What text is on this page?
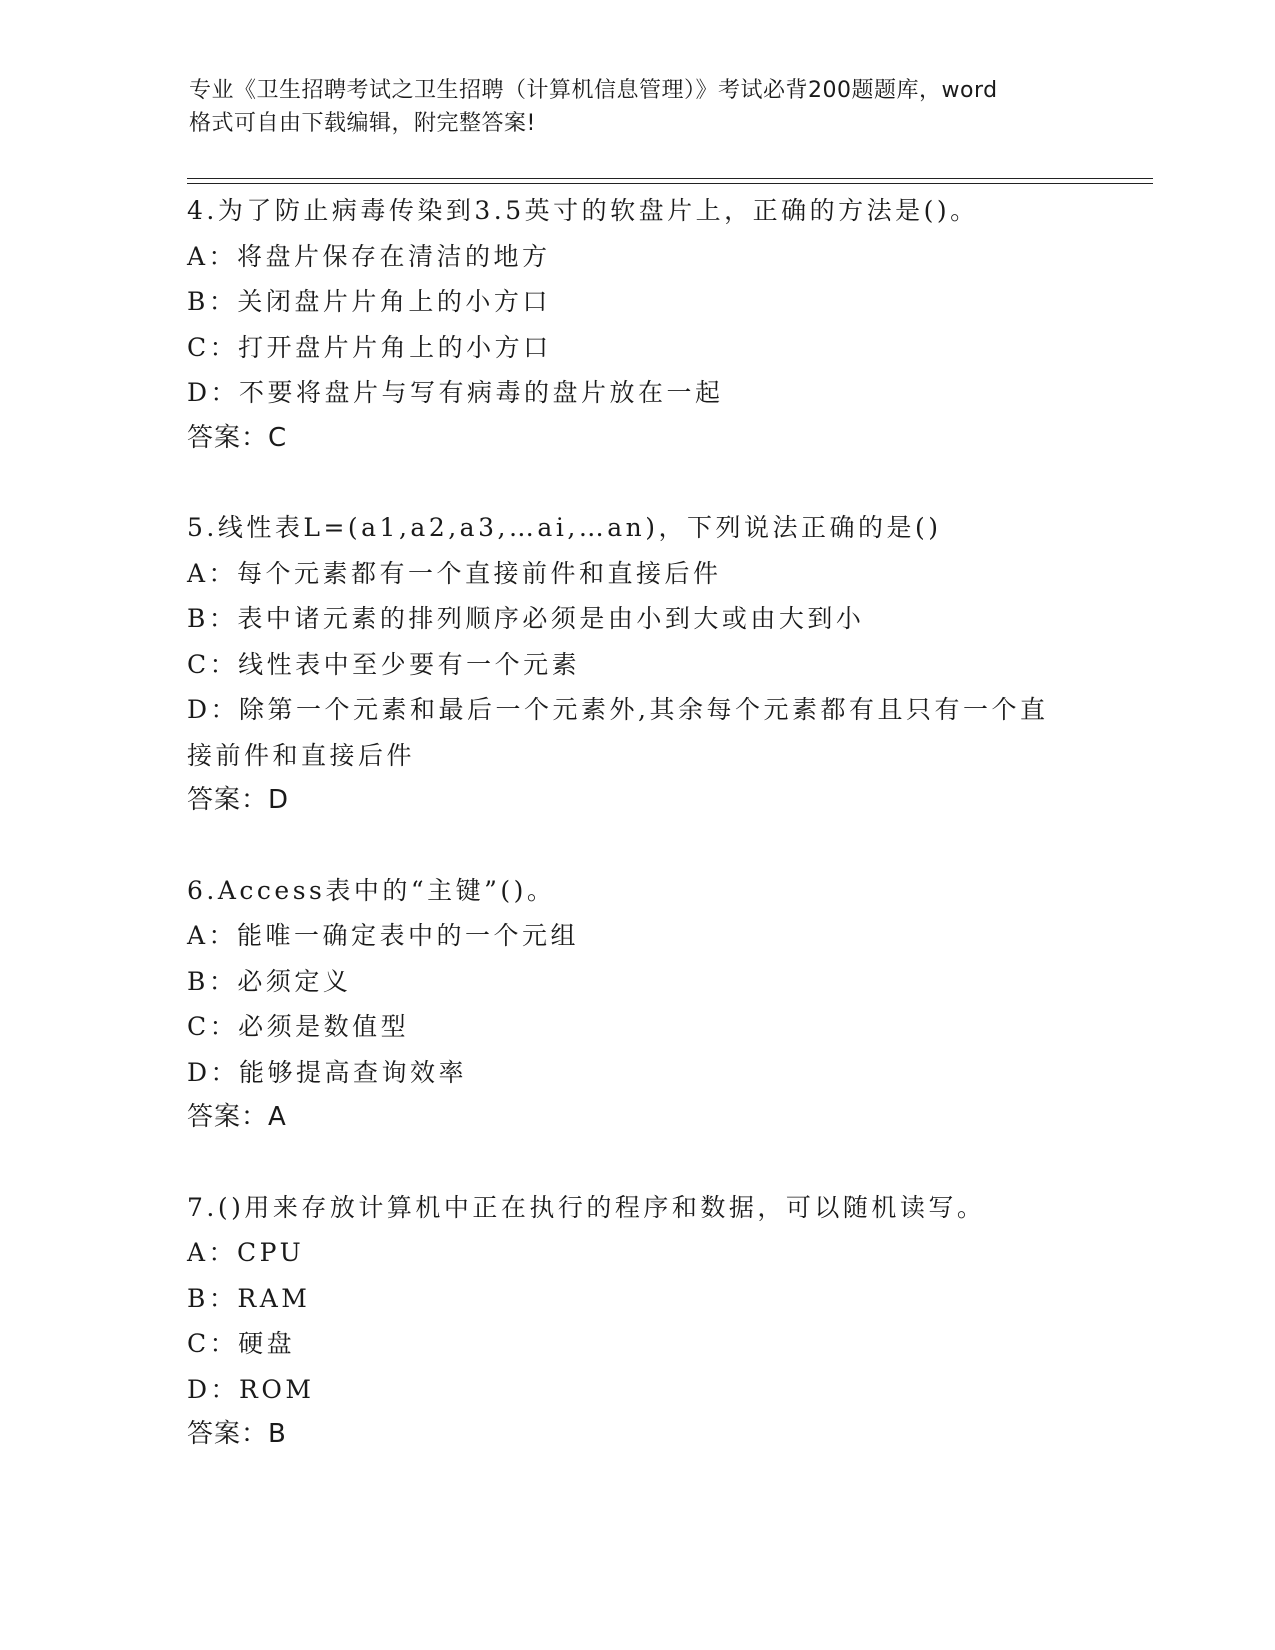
专业《卫生招聘考试之卫生招聘（计算机信息管理）》考试必背200题题库，word
格式可自由下载编辑，附完整答案!
4.为了防止病毒传染到3.5英寸的软盘片上，正确的方法是()。
A：将盘片保存在清洁的地方
B：关闭盘片片角上的小方口
C：打开盘片片角上的小方口
D：不要将盘片与写有病毒的盘片放在一起
答案：C
5.线性表L=(a1,a2,a3,…ai,…an)，下列说法正确的是()
A：每个元素都有一个直接前件和直接后件
B：表中诸元素的排列顺序必须是由小到大或由大到小
C：线性表中至少要有一个元素
D：除第一个元素和最后一个元素外,其余每个元素都有且只有一个直接前件和直接后件
答案：D
6.Access表中的“主键”()。
A：能唯一确定表中的一个元组
B：必须定义
C：必须是数值型
D：能够提高查询效率
答案：A
7.()用来存放计算机中正在执行的程序和数据，可以随机读写。
A：CPU
B：RAM
C：硬盘
D：ROM
答案：B
